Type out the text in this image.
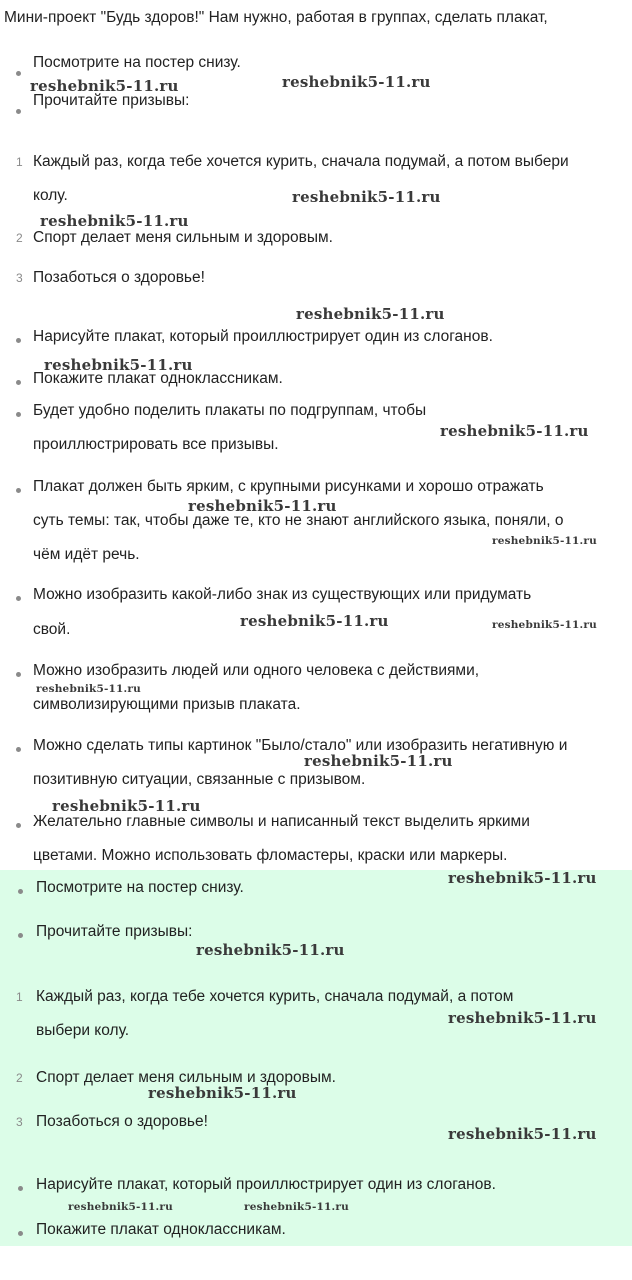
Мини-проект "Будь здоров!" Нам нужно, работая в группах, сделать плакат,
Посмотрите на постер снизу.
Прочитайте призывы:
1 Каждый раз, когда тебе хочется курить, сначала подумай, а потом выбери
колу.
2 Спорт делает меня сильным и здоровым.
3 Позаботься о здоровье!
Нарисуйте плакат, который проиллюстрирует один из слоганов.
Покажите плакат одноклассникам.
Будет удобно поделить плакаты по подгруппам, чтобы
проиллюстрировать все призывы.
Плакат должен быть ярким, с крупными рисунками и хорошо отражать
суть темы: так, чтобы даже те, кто не знают английского языка, поняли, о
чём идёт речь.
Можно изобразить какой-либо знак из существующих или придумать
свой.
Можно изобразить людей или одного человека с действиями,
символизирующими призыв плаката.
Можно сделать типы картинок "Было/стало" или изобразить негативную и
позитивную ситуации, связанные с призывом.
Желательно главные символы и написанный текст выделить яркими
цветами. Можно использовать фломастеры, краски или маркеры.
Посмотрите на постер снизу.
Прочитайте призывы:
1 Каждый раз, когда тебе хочется курить, сначала подумай, а потом
выбери колу.
2 Спорт делает меня сильным и здоровым.
3 Позаботься о здоровье!
Нарисуйте плакат, который проиллюстрирует один из слоганов.
Покажите плакат одноклассникам.
reshebnik5-11.ru	reshebnik5-11.ru
reshebnik5-11.ru
reshebnik5-11.ru
reshebnik5-11.ru
reshebnik5-11.ru
reshebnik5-11.ru
reshebnik5-11.ru
reshebnik5-11.ru
reshebnik5-11.ru	reshebnik5-11.ru
reshebnik5-11.ru
reshebnik5-11.ru
reshebnik5-11.ru
reshebnik5-11.ru
reshebnik5-11.ru
reshebnik5-11.ru
reshebnik5-11.ru
reshebnik5-11.ru
reshebnik5-11.ru	reshebnik5-11.ru
